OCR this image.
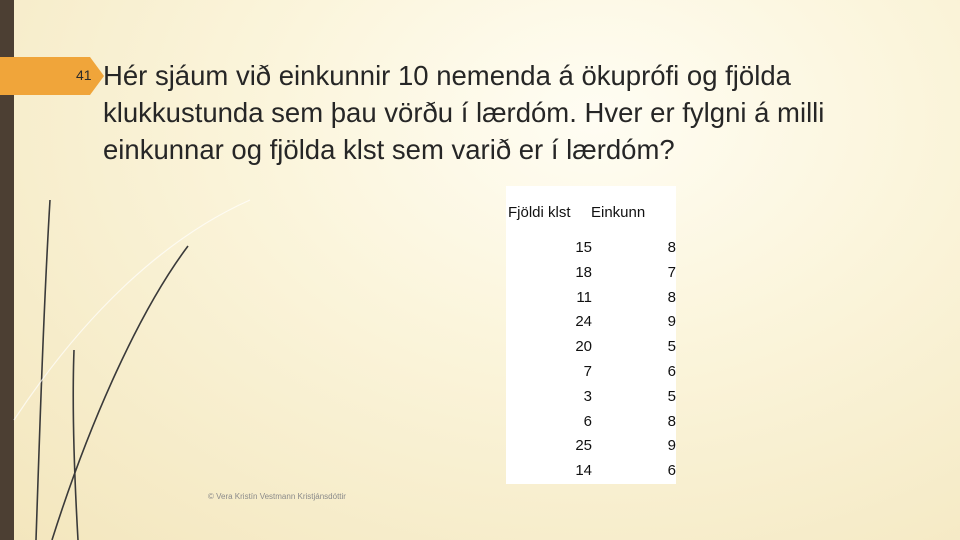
41 Hér sjáum við einkunnir 10 nemenda á ökuprófi og fjölda klukkustunda sem þau vörðu í lærdóm. Hver er fylgni á milli einkunnar og fjölda klst sem varið er í lærdóm?
Fjöldi klst Einkunn
15
18
11
24
20
7
3
6
25
14
8
7
8
9
5
6
5
8
9
6
© Vera Kristín Vestmann Kristjánsdóttir
